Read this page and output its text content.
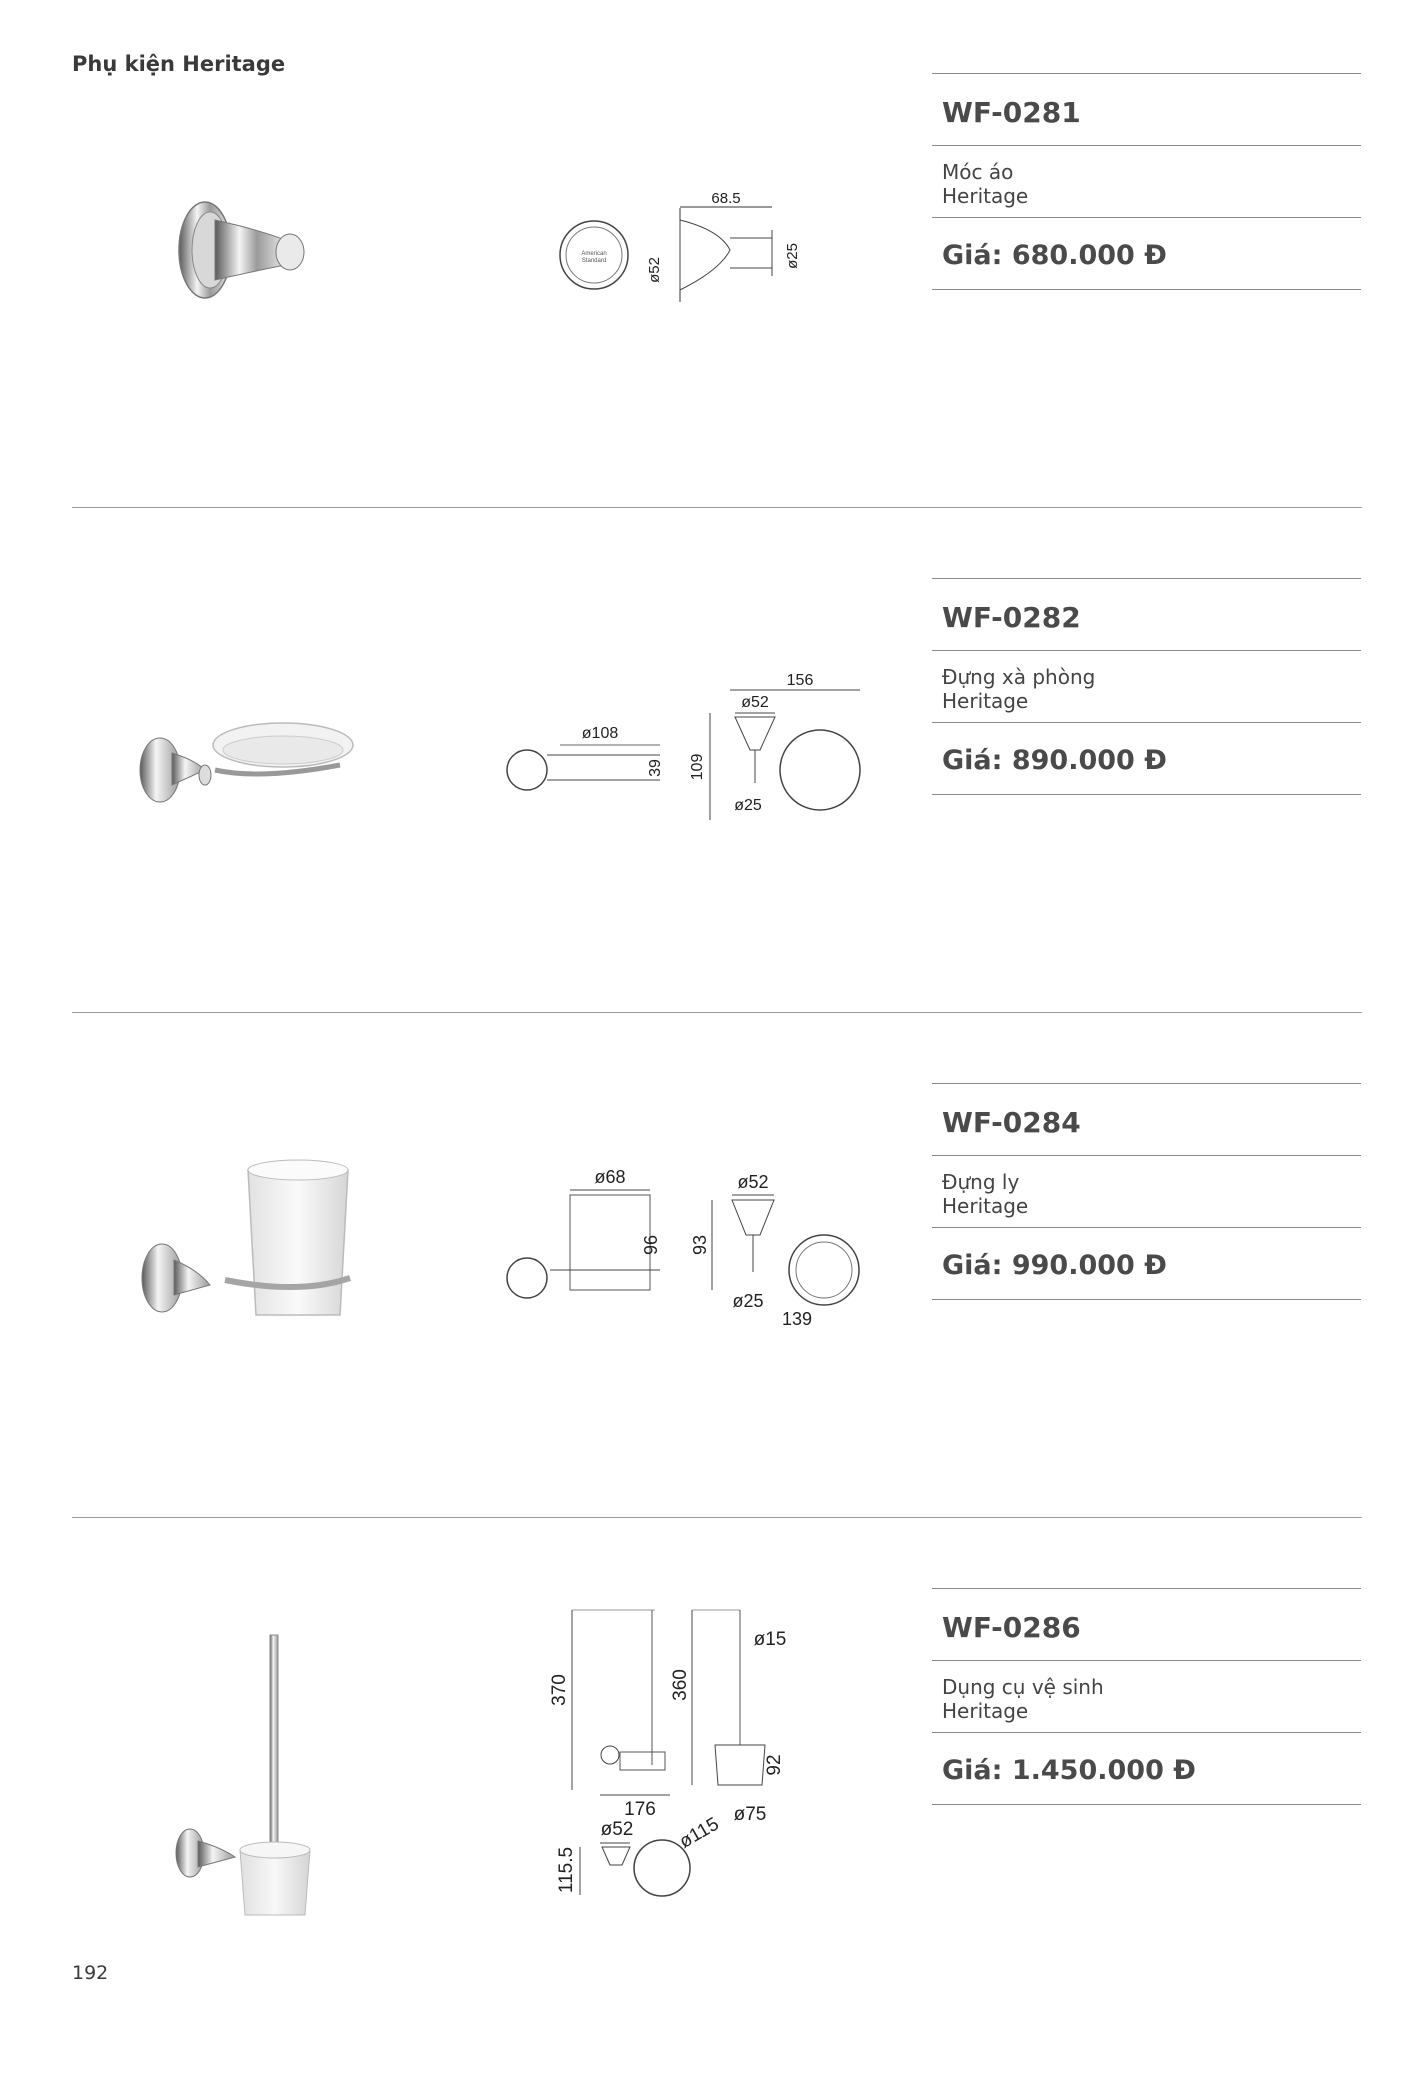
Phụ kiện Heritage
American
Standard
68.5
ø52
ø25
WF-0281
Móc áo
Heritage
Giá: 680.000 Đ
ø108
39
156
ø52
109
ø25
WF-0282
Đựng xà phòng
Heritage
Giá: 890.000 Đ
ø68
96
ø52
93
ø25
139
WF-0284
Đựng ly
Heritage
Giá: 990.000 Đ
370
176
360
ø15
92
ø75
ø52 ø115
115.5
WF-0286
Dụng cụ vệ sinh
Heritage
Giá: 1.450.000 Đ
192
